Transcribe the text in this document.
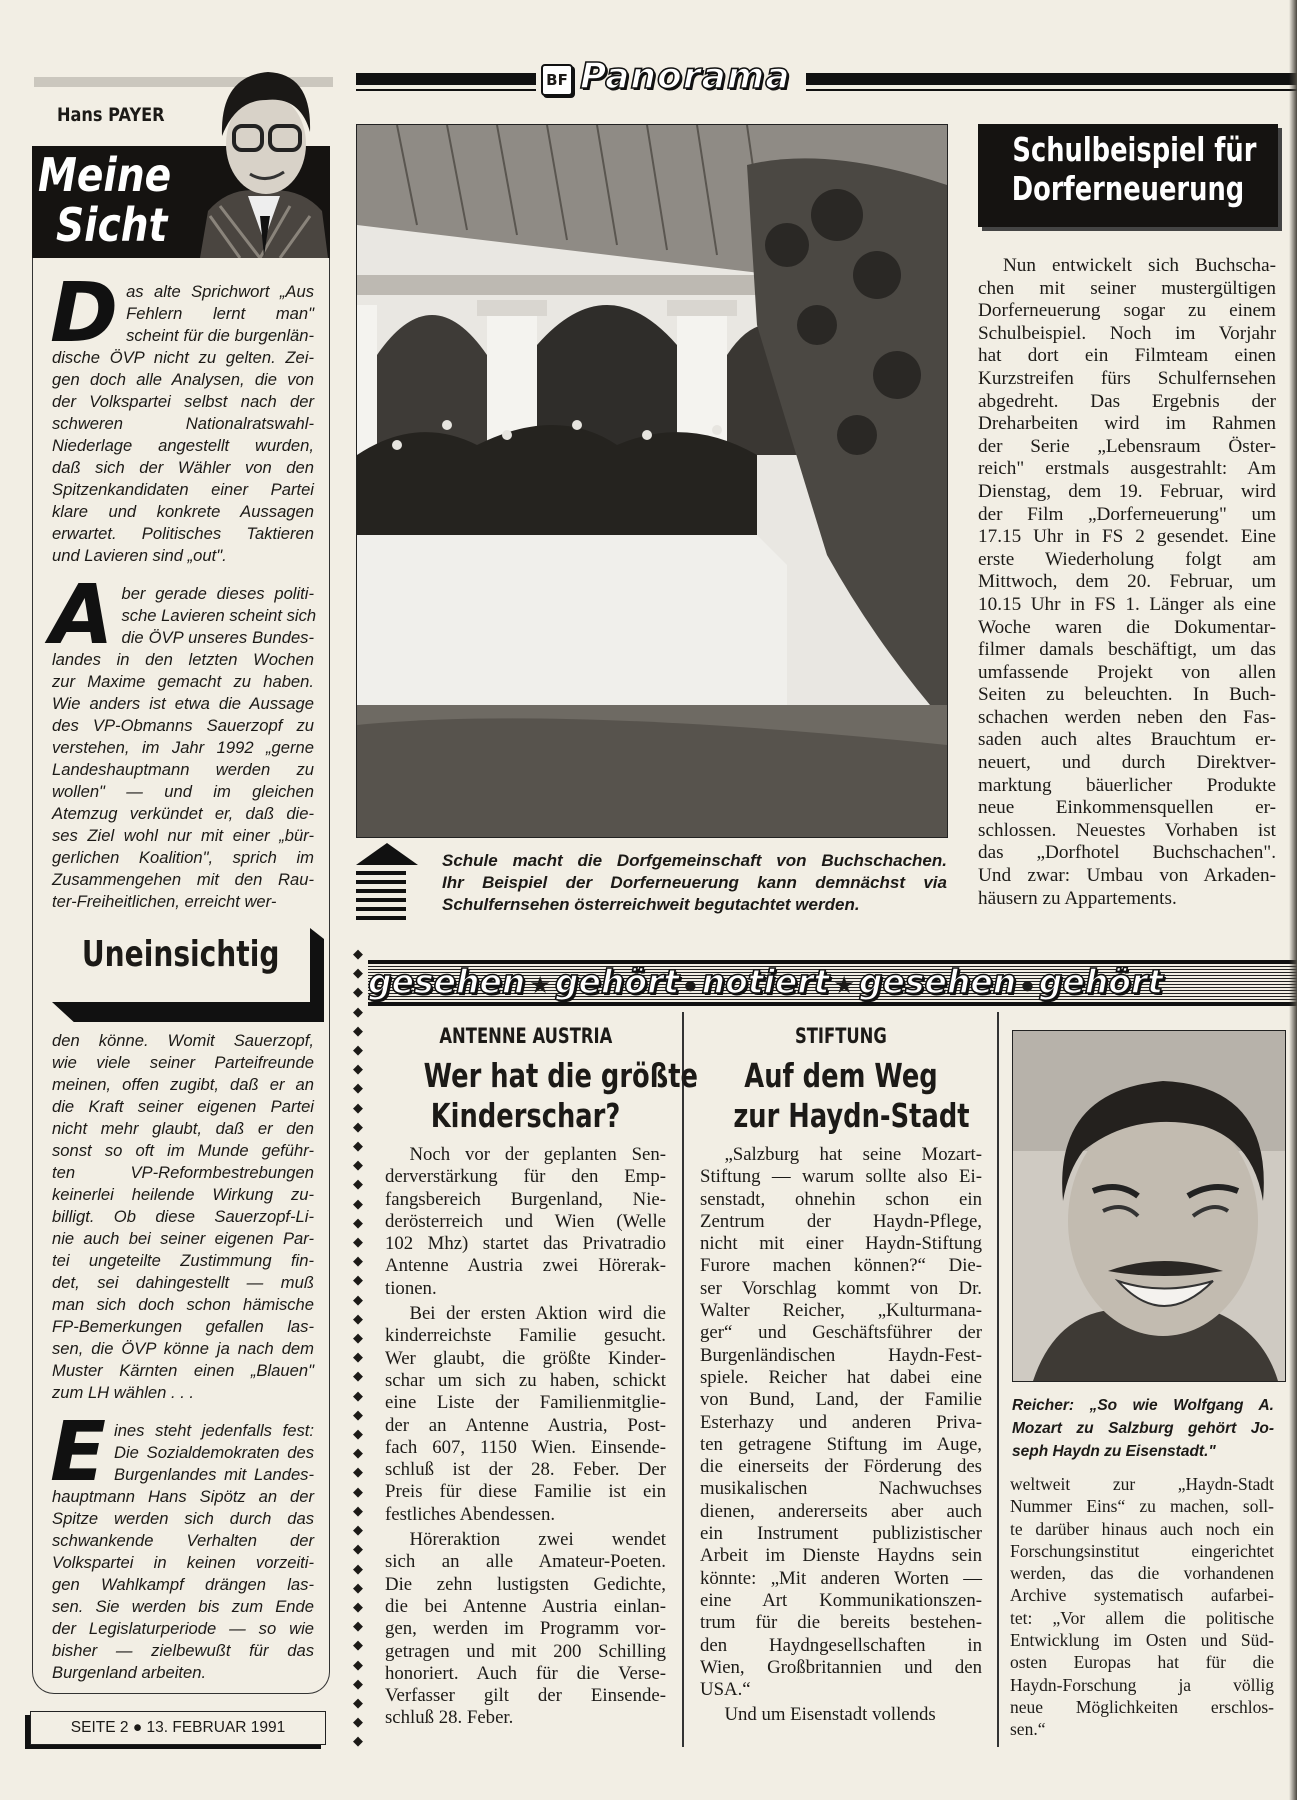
Hans PAYER
Meine
Sicht
D as alte Sprichwort „Aus
Fehlern lernt man"
scheint für die burgenlän-
dische ÖVP nicht zu gelten. Zei-
gen doch alle Analysen, die von
der Volkspartei selbst nach der
schweren Nationalratswahl-
Niederlage angestellt wurden,
daß sich der Wähler von den
Spitzenkandidaten einer Partei
klare und konkrete Aussagen
erwartet. Politisches Taktieren
und Lavieren sind „out".
A ber gerade dieses politi-
sche Lavieren scheint sich
die ÖVP unseres Bundes-
landes in den letzten Wochen
zur Maxime gemacht zu haben.
Wie anders ist etwa die Aussage
des VP-Obmanns Sauerzopf zu
verstehen, im Jahr 1992 „gerne
Landeshauptmann werden zu
wollen" — und im gleichen
Atemzug verkündet er, daß die-
ses Ziel wohl nur mit einer „bür-
gerlichen Koalition", sprich im
Zusammengehen mit den Rau-
ter-Freiheitlichen, erreicht wer-
Uneinsichtig
den könne. Womit Sauerzopf,
wie viele seiner Parteifreunde
meinen, offen zugibt, daß er an
die Kraft seiner eigenen Partei
nicht mehr glaubt, daß er den
sonst so oft im Munde geführ-
ten VP-Reformbestrebungen
keinerlei heilende Wirkung zu-
billigt. Ob diese Sauerzopf-Li-
nie auch bei seiner eigenen Par-
tei ungeteilte Zustimmung fin-
det, sei dahingestellt — muß
man sich doch schon hämische
FP-Bemerkungen gefallen las-
sen, die ÖVP könne ja nach dem
Muster Kärnten einen „Blauen"
zum LH wählen . . .
E ines steht jedenfalls fest:
Die Sozialdemokraten des
Burgenlandes mit Landes-
hauptmann Hans Sipötz an der
Spitze werden sich durch das
schwankende Verhalten der
Volkspartei in keinen vorzeiti-
gen Wahlkampf drängen las-
sen. Sie werden bis zum Ende
der Legislaturperiode — so wie
bisher — zielbewußt für das
Burgenland arbeiten.
SEITE 2 ● 13. FEBRUAR 1991
BF Panorama
Schule macht die Dorfgemeinschaft von Buchschachen.
Ihr Beispiel der Dorferneuerung kann demnächst via
Schulfernsehen österreichweit begutachtet werden.
Schulbeispiel für
Dorferneuerung
Nun entwickelt sich Buchscha-
chen mit seiner mustergültigen
Dorferneuerung sogar zu einem
Schulbeispiel. Noch im Vorjahr
hat dort ein Filmteam einen
Kurzstreifen fürs Schulfernsehen
abgedreht. Das Ergebnis der
Dreharbeiten wird im Rahmen
der Serie „Lebensraum Öster-
reich" erstmals ausgestrahlt: Am
Dienstag, dem 19. Februar, wird
der Film „Dorferneuerung" um
17.15 Uhr in FS 2 gesendet. Eine
erste Wiederholung folgt am
Mittwoch, dem 20. Februar, um
10.15 Uhr in FS 1. Länger als eine
Woche waren die Dokumentar-
filmer damals beschäftigt, um das
umfassende Projekt von allen
Seiten zu beleuchten. In Buch-
schachen werden neben den Fas-
saden auch altes Brauchtum er-
neuert, und durch Direktver-
marktung bäuerlicher Produkte
neue Einkommensquellen er-
schlossen. Neuestes Vorhaben ist
das „Dorfhotel Buchschachen".
Und zwar: Umbau von Arkaden-
häusern zu Appartements.
◆
◆
◆
◆
◆
◆
◆
◆
◆
◆
◆
◆
◆
◆
◆
◆
◆
◆
◆
◆
◆
◆
◆
◆
◆
◆
◆
◆
◆
◆
◆
◆
◆
◆
◆
◆
◆
◆
◆
◆
◆
◆
gesehen ★ gehört ● notiert ★ gesehen ● gehört
ANTENNE AUSTRIA
Wer hat die größte
Kinderschar?
Noch vor der geplanten Sen-
derverstärkung für den Emp-
fangsbereich Burgenland, Nie-
derösterreich und Wien (Welle
102 Mhz) startet das Privatradio
Antenne Austria zwei Hörerak-
tionen.
Bei der ersten Aktion wird die
kinderreichste Familie gesucht.
Wer glaubt, die größte Kinder-
schar um sich zu haben, schickt
eine Liste der Familienmitglie-
der an Antenne Austria, Post-
fach 607, 1150 Wien. Einsende-
schluß ist der 28. Feber. Der
Preis für diese Familie ist ein
festliches Abendessen.
Höreraktion zwei wendet
sich an alle Amateur-Poeten.
Die zehn lustigsten Gedichte,
die bei Antenne Austria einlan-
gen, werden im Programm vor-
getragen und mit 200 Schilling
honoriert. Auch für die Verse-
Verfasser gilt der Einsende-
schluß 28. Feber.
STIFTUNG
Auf dem Weg
zur Haydn-Stadt
„Salzburg hat seine Mozart-
Stiftung — warum sollte also Ei-
senstadt, ohnehin schon ein
Zentrum der Haydn-Pflege,
nicht mit einer Haydn-Stiftung
Furore machen können?“ Die-
ser Vorschlag kommt von Dr.
Walter Reicher, „Kulturmana-
ger“ und Geschäftsführer der
Burgenländischen Haydn-Fest-
spiele. Reicher hat dabei eine
von Bund, Land, der Familie
Esterhazy und anderen Priva-
ten getragene Stiftung im Auge,
die einerseits der Förderung des
musikalischen Nachwuchses
dienen, andererseits aber auch
ein Instrument publizistischer
Arbeit im Dienste Haydns sein
könnte: „Mit anderen Worten —
eine Art Kommunikationszen-
trum für die bereits bestehen-
den Haydngesellschaften in
Wien, Großbritannien und den
USA.“
Und um Eisenstadt vollends
Reicher: „So wie Wolfgang A.
Mozart zu Salzburg gehört Jo-
seph Haydn zu Eisenstadt."
weltweit zur „Haydn-Stadt
Nummer Eins“ zu machen, soll-
te darüber hinaus auch noch ein
Forschungsinstitut eingerichtet
werden, das die vorhandenen
Archive systematisch aufarbei-
tet: „Vor allem die politische
Entwicklung im Osten und Süd-
osten Europas hat für die
Haydn-Forschung ja völlig
neue Möglichkeiten erschlos-
sen.“
